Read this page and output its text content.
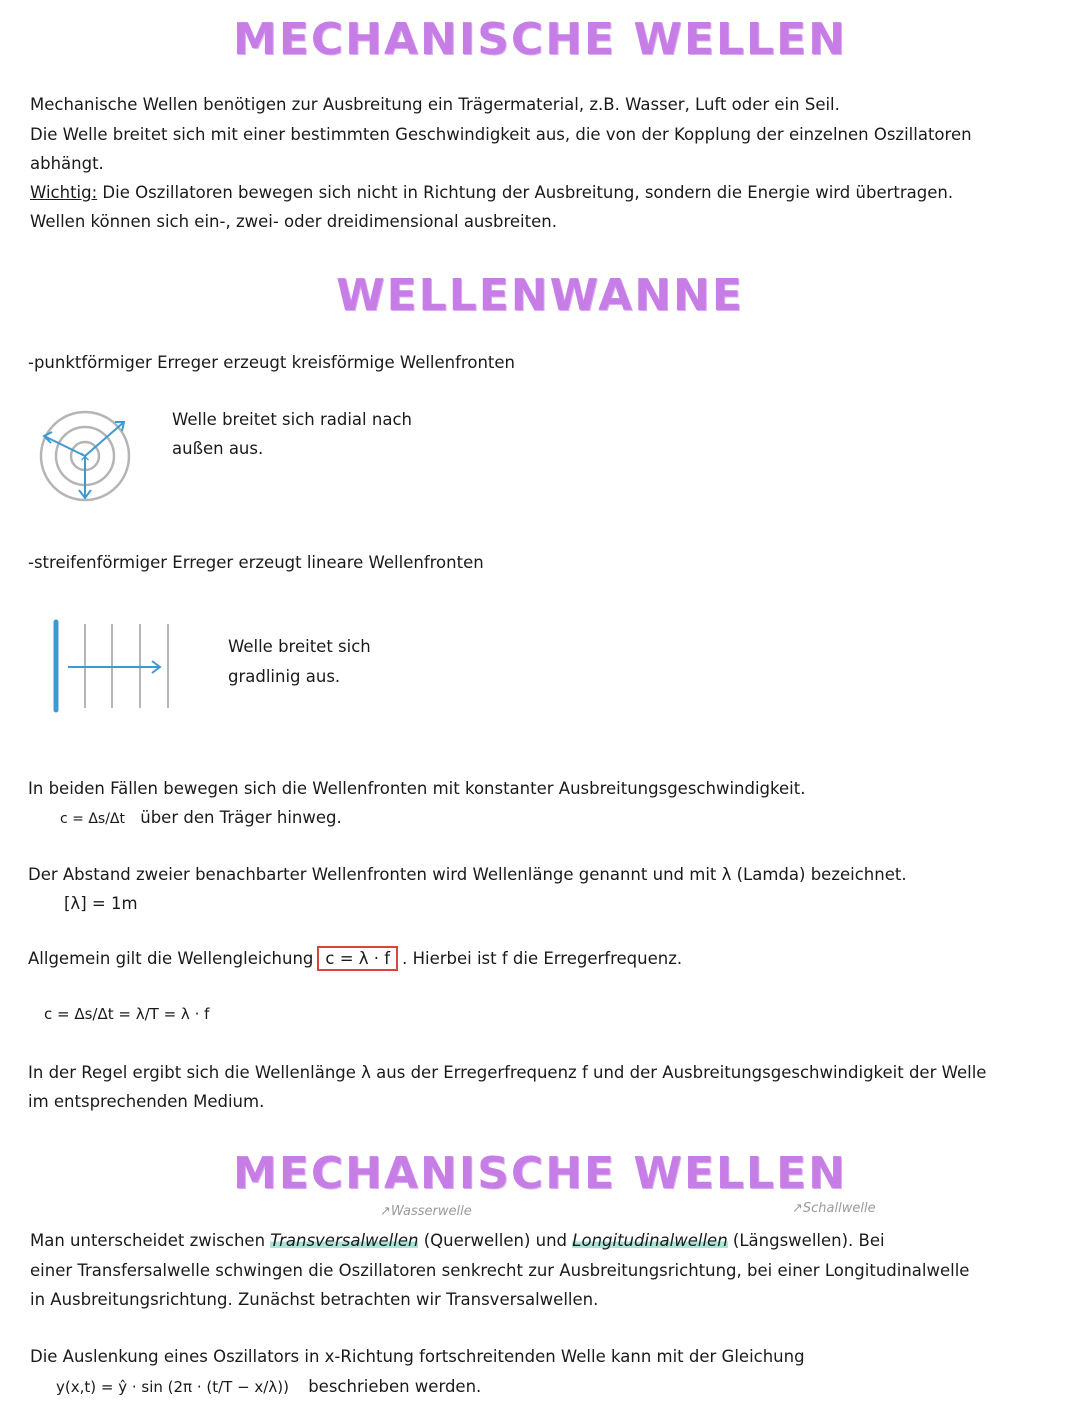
MECHANISCHE WELLEN
Mechanische Wellen benötigen zur Ausbreitung ein Trägermaterial, z.B. Wasser, Luft oder ein Seil.
Die Welle breitet sich mit einer bestimmten Geschwindigkeit aus, die von der Kopplung der einzelnen Oszillatoren
abhängt.
Wichtig: Die Oszillatoren bewegen sich nicht in Richtung der Ausbreitung, sondern die Energie wird übertragen.
Wellen können sich ein-, zwei- oder dreidimensional ausbreiten.
WELLENWANNE
-punktförmiger Erreger erzeugt kreisförmige Wellenfronten
×
Welle breitet sich radial nach
außen aus.
-streifenförmiger Erreger erzeugt lineare Wellenfronten
Welle breitet sich
gradlinig aus.
In beiden Fällen bewegen sich die Wellenfronten mit konstanter Ausbreitungsgeschwindigkeit.
c = Δs/Δt über den Träger hinweg.
Der Abstand zweier benachbarter Wellenfronten wird Wellenlänge genannt und mit λ (Lamda) bezeichnet.
[λ] = 1m
Allgemein gilt die Wellengleichung c = λ · f . Hierbei ist f die Erregerfrequenz.
c = Δs/Δt = λ/T = λ · f
In der Regel ergibt sich die Wellenlänge λ aus der Erregerfrequenz f und der Ausbreitungsgeschwindigkeit der Welle
im entsprechenden Medium.
MECHANISCHE WELLEN
↗Wasserwelle	↗Schallwelle
Man unterscheidet zwischen Transversalwellen (Querwellen) und Longitudinalwellen (Längswellen). Bei
einer Transfersalwelle schwingen die Oszillatoren senkrecht zur Ausbreitungsrichtung, bei einer Longitudinalwelle
in Ausbreitungsrichtung. Zunächst betrachten wir Transversalwellen.
Die Auslenkung eines Oszillators in x-Richtung fortschreitenden Welle kann mit der Gleichung
y(x,t) = ŷ · sin (2π · (t/T − x/λ)) beschrieben werden.
